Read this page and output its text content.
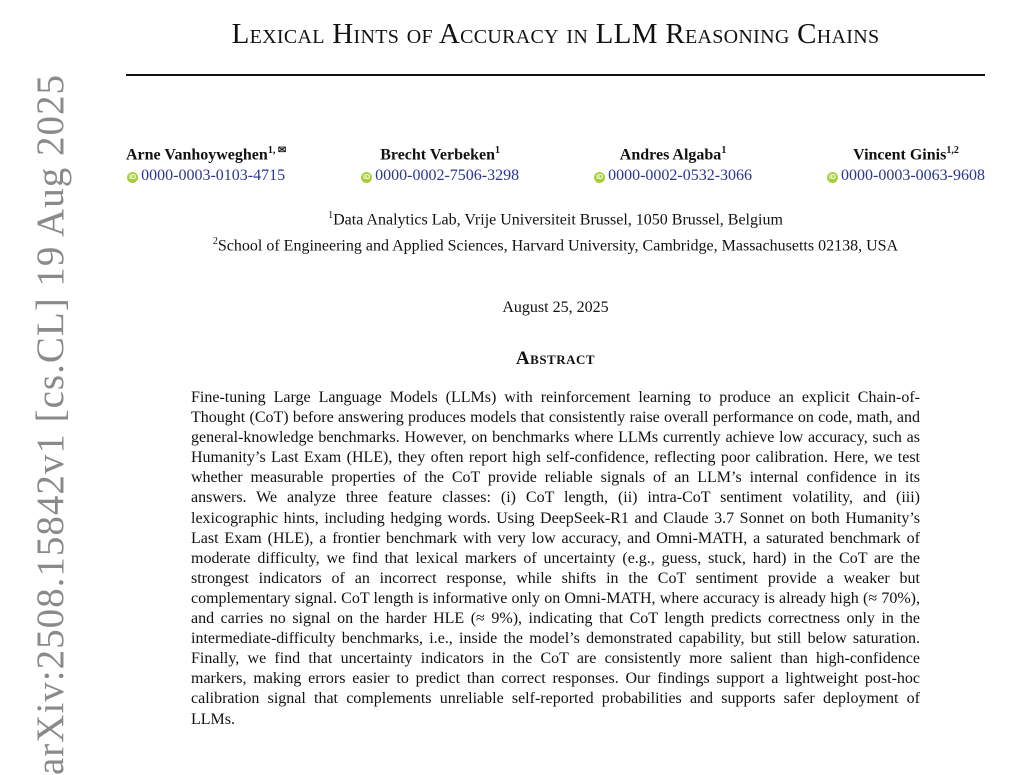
arXiv:2508.15842v1 [cs.CL] 19 Aug 2025
Lexical Hints of Accuracy in LLM Reasoning Chains
Arne Vanhoyweghen$^{1, ✉}$
iD 0000-0003-0103-4715
Brecht Verbeken$^1$
iD 0000-0002-7506-3298
Andres Algaba$^1$
iD 0000-0002-0532-3066
Vincent Ginis$^{1,2}$
iD 0000-0003-0063-9608
$^1$Data Analytics Lab, Vrije Universiteit Brussel, 1050 Brussel, Belgium
$^2$School of Engineering and Applied Sciences, Harvard University, Cambridge, Massachusetts 02138, USA
August 25, 2025
Abstract

Fine-tuning Large Language Models (LLMs) with reinforcement learning to produce an explicit Chain-of-Thought (CoT) before answering produces models that consistently raise overall performance on code, math, and general-knowledge benchmarks. However, on benchmarks where LLMs currently achieve low accuracy, such as Humanity’s Last Exam (HLE), they often report high self-confidence, reflecting poor calibration. Here, we test whether measurable properties of the CoT provide reliable signals of an LLM’s internal confidence in its answers. We analyze three feature classes: (i) CoT length, (ii) intra-CoT sentiment volatility, and (iii) lexicographic hints, including hedging words. Using DeepSeek-R1 and Claude 3.7 Sonnet on both Humanity’s Last Exam (HLE), a frontier benchmark with very low accuracy, and Omni-MATH, a saturated benchmark of moderate difficulty, we find that lexical markers of uncertainty (e.g., guess, stuck, hard) in the CoT are the strongest indicators of an incorrect response, while shifts in the CoT sentiment provide a weaker but complementary signal. CoT length is informative only on Omni-MATH, where accuracy is already high (≈ 70%), and carries no signal on the harder HLE (≈ 9%), indicating that CoT length predicts correctness only in the intermediate-difficulty benchmarks, i.e., inside the model’s demonstrated capability, but still below saturation. Finally, we find that uncertainty indicators in the CoT are consistently more salient than high-confidence markers, making errors easier to predict than correct responses. Our findings support a lightweight post-hoc calibration signal that complements unreliable self-reported probabilities and supports safer deployment of LLMs.
